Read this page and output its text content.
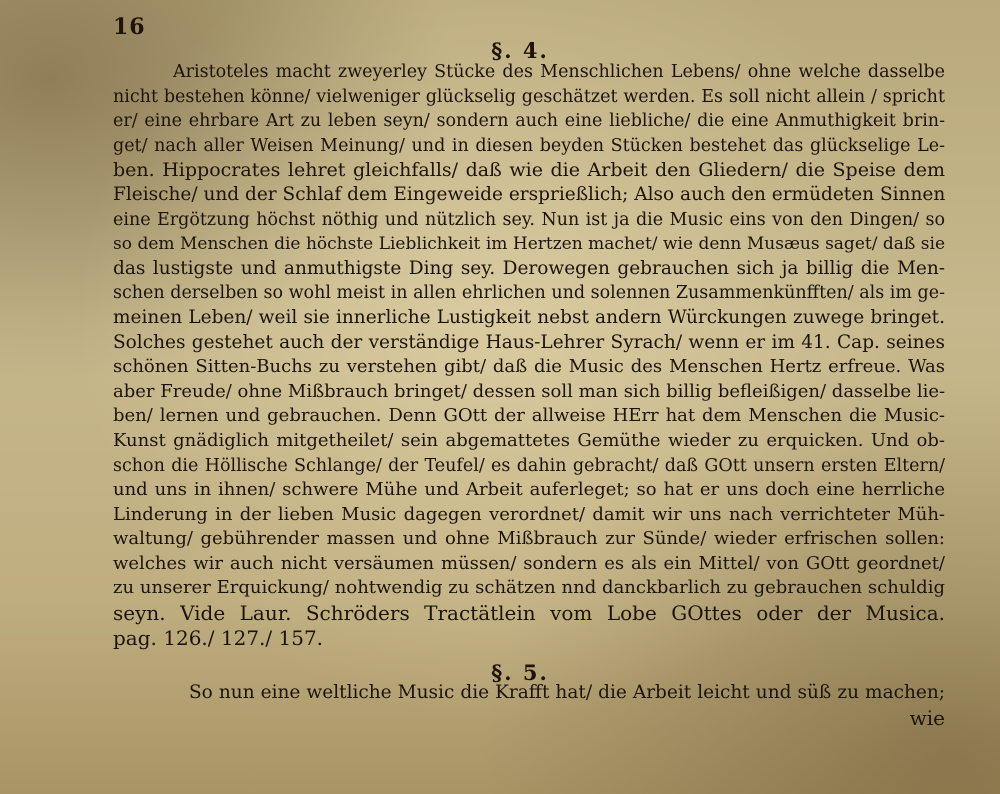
16
§. 4.
Aristoteles macht zweyerley Stücke des Menschlichen Lebens/ ohne welche dasselbe
nicht bestehen könne/ vielweniger glückselig geschätzet werden. Es soll nicht allein / spricht
er/ eine ehrbare Art zu leben seyn/ sondern auch eine liebliche/ die eine Anmuthigkeit brin-
get/ nach aller Weisen Meinung/ und in diesen beyden Stücken bestehet das glückselige Le-
ben. Hippocrates lehret gleichfalls/ daß wie die Arbeit den Gliedern/ die Speise dem
Fleische/ und der Schlaf dem Eingeweide ersprießlich; Also auch den ermüdeten Sinnen
eine Ergötzung höchst nöthig und nützlich sey. Nun ist ja die Music eins von den Dingen/ so
so dem Menschen die höchste Lieblichkeit im Hertzen machet/ wie denn Musæus saget/ daß sie
das lustigste und anmuthigste Ding sey. Derowegen gebrauchen sich ja billig die Men-
schen derselben so wohl meist in allen ehrlichen und solennen Zusammenkünfften/ als im ge-
meinen Leben/ weil sie innerliche Lustigkeit nebst andern Würckungen zuwege bringet.
Solches gestehet auch der verständige Haus-Lehrer Syrach/ wenn er im 41. Cap. seines
schönen Sitten-Buchs zu verstehen gibt/ daß die Music des Menschen Hertz erfreue. Was
aber Freude/ ohne Mißbrauch bringet/ dessen soll man sich billig befleißigen/ dasselbe lie-
ben/ lernen und gebrauchen. Denn GOtt der allweise HErr hat dem Menschen die Music-
Kunst gnädiglich mitgetheilet/ sein abgemattetes Gemüthe wieder zu erquicken. Und ob-
schon die Höllische Schlange/ der Teufel/ es dahin gebracht/ daß GOtt unsern ersten Eltern/
und uns in ihnen/ schwere Mühe und Arbeit auferleget; so hat er uns doch eine herrliche
Linderung in der lieben Music dagegen verordnet/ damit wir uns nach verrichteter Müh-
waltung/ gebührender massen und ohne Mißbrauch zur Sünde/ wieder erfrischen sollen:
welches wir auch nicht versäumen müssen/ sondern es als ein Mittel/ von GOtt geordnet/
zu unserer Erquickung/ nohtwendig zu schätzen nnd danckbarlich zu gebrauchen schuldig
seyn. Vide Laur. Schröders Tractätlein vom Lobe GOttes oder der Musica.
pag. 126./ 127./ 157.
§. 5.
So nun eine weltliche Music die Krafft hat/ die Arbeit leicht und süß zu machen;
wie
